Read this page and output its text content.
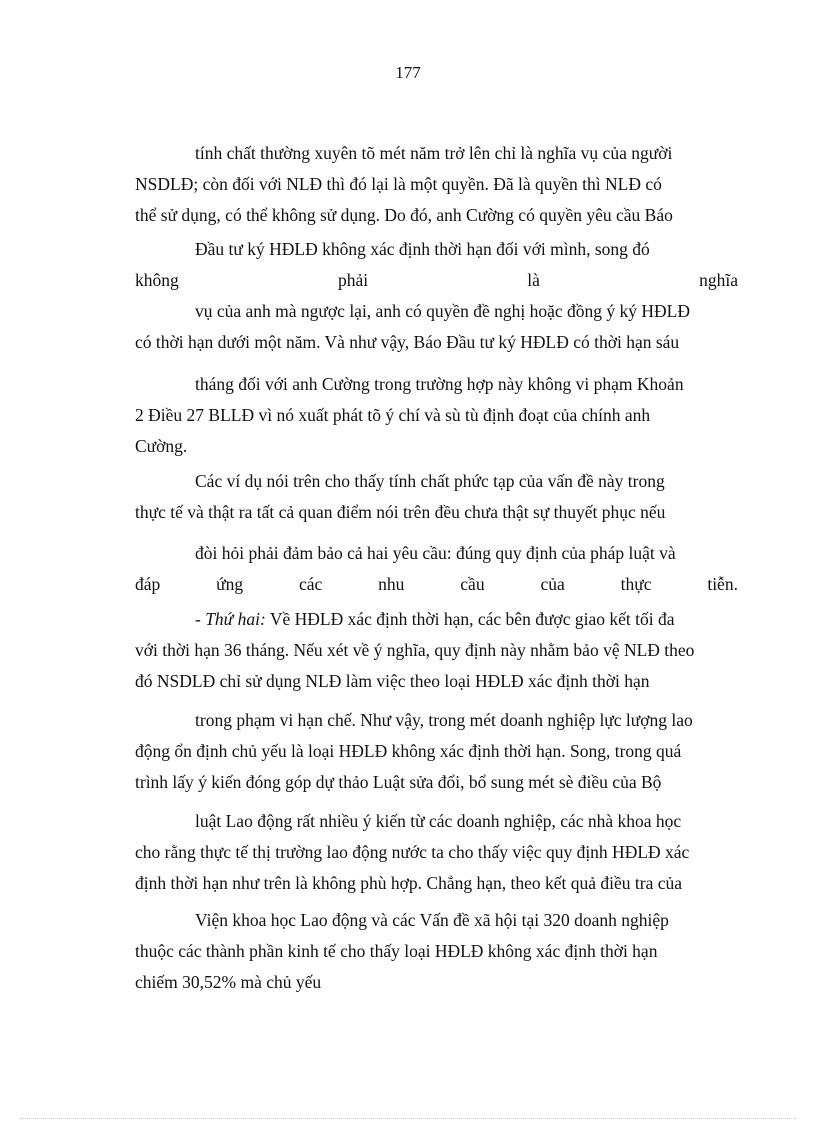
177
tính chất thường xuyên tõ mét năm trở lên chỉ là nghĩa vụ của người
NSDLĐ; còn đối với NLĐ thì đó lại là một quyền. Đã là quyền thì NLĐ có
thể sử dụng, có thể không sử dụng. Do đó, anh Cường có quyền yêu cầu Báo
Đầu tư ký HĐLĐ không xác định thời hạn đối với mình, song đó
không	phải	là	nghĩa
vụ của anh mà ngược lại, anh có quyền đề nghị hoặc đồng ý ký HĐLĐ
có thời hạn dưới một năm. Và như vậy, Báo Đầu tư ký HĐLĐ có thời hạn sáu
tháng đối với anh Cường trong trường hợp này không vi phạm Khoản
2 Điều 27 BLLĐ vì nó xuất phát tõ ý chí và sù tù định đoạt của chính anh
Cường.
Các ví dụ nói trên cho thấy tính chất phức tạp của vấn đề này trong
thực tế và thật ra tất cả quan điểm nói trên đều chưa thật sự thuyết phục nếu
đòi hỏi phải đảm bảo cả hai yêu cầu: đúng quy định của pháp luật và
đáp	ứng	các	nhu	cầu	của	thực	tiễn.
- Thứ hai: Về HĐLĐ xác định thời hạn, các bên được giao kết tối đa
với thời hạn 36 tháng. Nếu xét về ý nghĩa, quy định này nhằm bảo vệ NLĐ theo
đó NSDLĐ chỉ sử dụng NLĐ làm việc theo loại HĐLĐ xác định thời hạn
trong phạm vi hạn chế. Như vậy, trong mét doanh nghiệp lực lượng lao
động ổn định chủ yếu là loại HĐLĐ không xác định thời hạn. Song, trong quá
trình lấy ý kiến đóng góp dự thảo Luật sửa đổi, bổ sung mét sè điều của Bộ
luật Lao động rất nhiều ý kiến từ các doanh nghiệp, các nhà khoa học
cho rằng thực tế thị trường lao động nước ta cho thấy việc quy định HĐLĐ xác
định thời hạn như trên là không phù hợp. Chẳng hạn, theo kết quả điều tra của
Viện khoa học Lao động và các Vấn đề xã hội tại 320 doanh nghiệp
thuộc các thành phần kinh tế cho thấy loại HĐLĐ không xác định thời hạn
chiếm 30,52% mà chủ yếu
